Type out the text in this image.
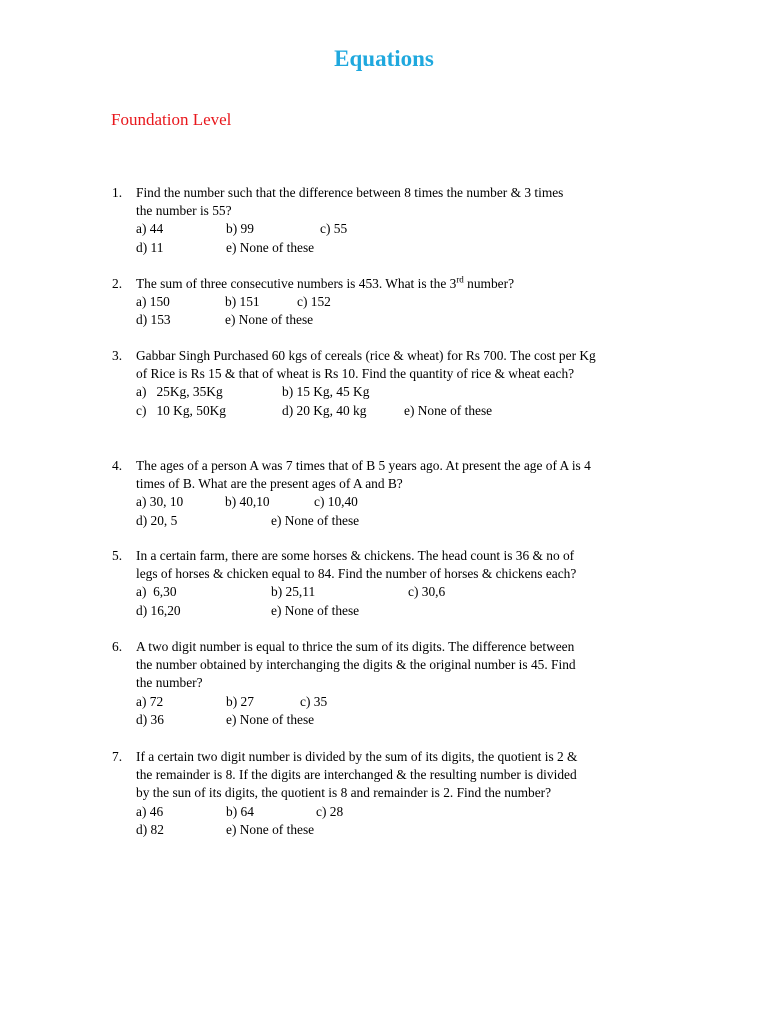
Equations
Foundation Level
1. Find the number such that the difference between 8 times the number & 3 times
the number is 55?
a) 44	b) 99	c) 55
d) 11	e) None of these
2. The sum of three consecutive numbers is 453. What is the 3rd number?
a) 150	b) 151	c) 152
d) 153	e) None of these
3. Gabbar Singh Purchased 60 kgs of cereals (rice & wheat) for Rs 700. The cost per Kg
of Rice is Rs 15 & that of wheat is Rs 10. Find the quantity of rice & wheat each?
a)   25Kg, 35Kg	b) 15 Kg, 45 Kg
c)   10 Kg, 50Kg	d) 20 Kg, 40 kg	e) None of these
4. The ages of a person A was 7 times that of B 5 years ago. At present the age of A is 4
times of B. What are the present ages of A and B?
a) 30, 10	b) 40,10	c) 10,40
d) 20, 5	e) None of these
5. In a certain farm, there are some horses & chickens. The head count is 36 & no of
legs of horses & chicken equal to 84. Find the number of horses & chickens each?
a)  6,30	b) 25,11	c) 30,6
d) 16,20	e) None of these
6. A two digit number is equal to thrice the sum of its digits. The difference between
the number obtained by interchanging the digits & the original number is 45. Find
the number?
a) 72	b) 27	c) 35
d) 36	e) None of these
7. If a certain two digit number is divided by the sum of its digits, the quotient is 2 &
the remainder is 8. If the digits are interchanged & the resulting number is divided
by the sun of its digits, the quotient is 8 and remainder is 2. Find the number?
a) 46	b) 64	c) 28
d) 82	e) None of these
